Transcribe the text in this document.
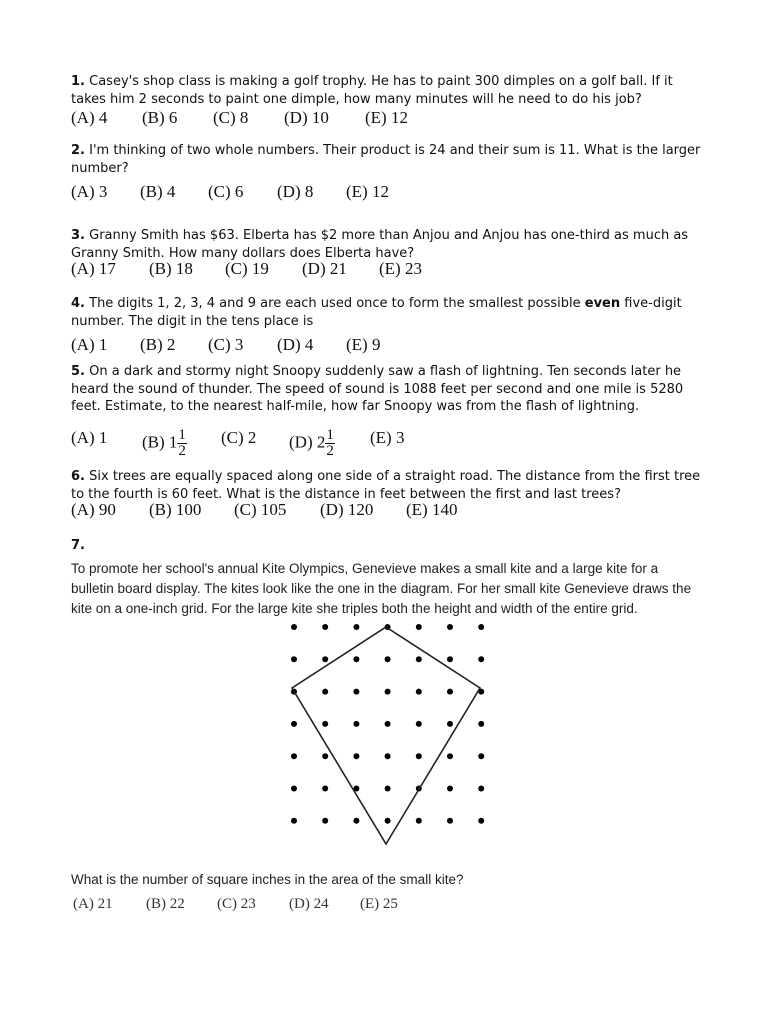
1. Casey's shop class is making a golf trophy. He has to paint 300 dimples on a golf ball. If it takes him 2 seconds to paint one dimple, how many minutes will he need to do his job?

(A) 4 (B) 6 (C) 8 (D) 10 (E) 12

2. I'm thinking of two whole numbers. Their product is 24 and their sum is 11. What is the larger number?

(A) 3 (B) 4 (C) 6 (D) 8 (E) 12

3. Granny Smith has $63. Elberta has $2 more than Anjou and Anjou has one-third as much as Granny Smith. How many dollars does Elberta have?

(A) 17 (B) 18 (C) 19 (D) 21 (E) 23

4. The digits 1, 2, 3, 4 and 9 are each used once to form the smallest possible even five-digit number. The digit in the tens place is

(A) 1 (B) 2 (C) 3 (D) 4 (E) 9

5. On a dark and stormy night Snoopy suddenly saw a flash of lightning. Ten seconds later he heard the sound of thunder. The speed of sound is 1088 feet per second and one mile is 5280 feet. Estimate, to the nearest half-mile, how far Snoopy was from the flash of lightning.

(A) 1 (B) $1 \frac{1}{2} (C)$ 2 (D) $2 \frac{1}{2} (E)$ 3

6. Six trees are equally spaced along one side of a straight road. The distance from the first tree to the fourth is 60 feet. What is the distance in feet between the first and last trees?

(A) 90 (B) 100 (C) 105 (D) 120 (E) 140

7.

To promote her school's annual Kite Olympics, Genevieve makes a small kite and a large kite for a bulletin board display. The kites look like the one in the diagram. For her small kite Genevieve draws the kite on a one-inch grid. For the large kite she triples both the height and width of the entire grid.

What is the number of square inches in the area of the small kite?

(A) 21 (B) 22 (C) 23 (D) 24 (E) 25
